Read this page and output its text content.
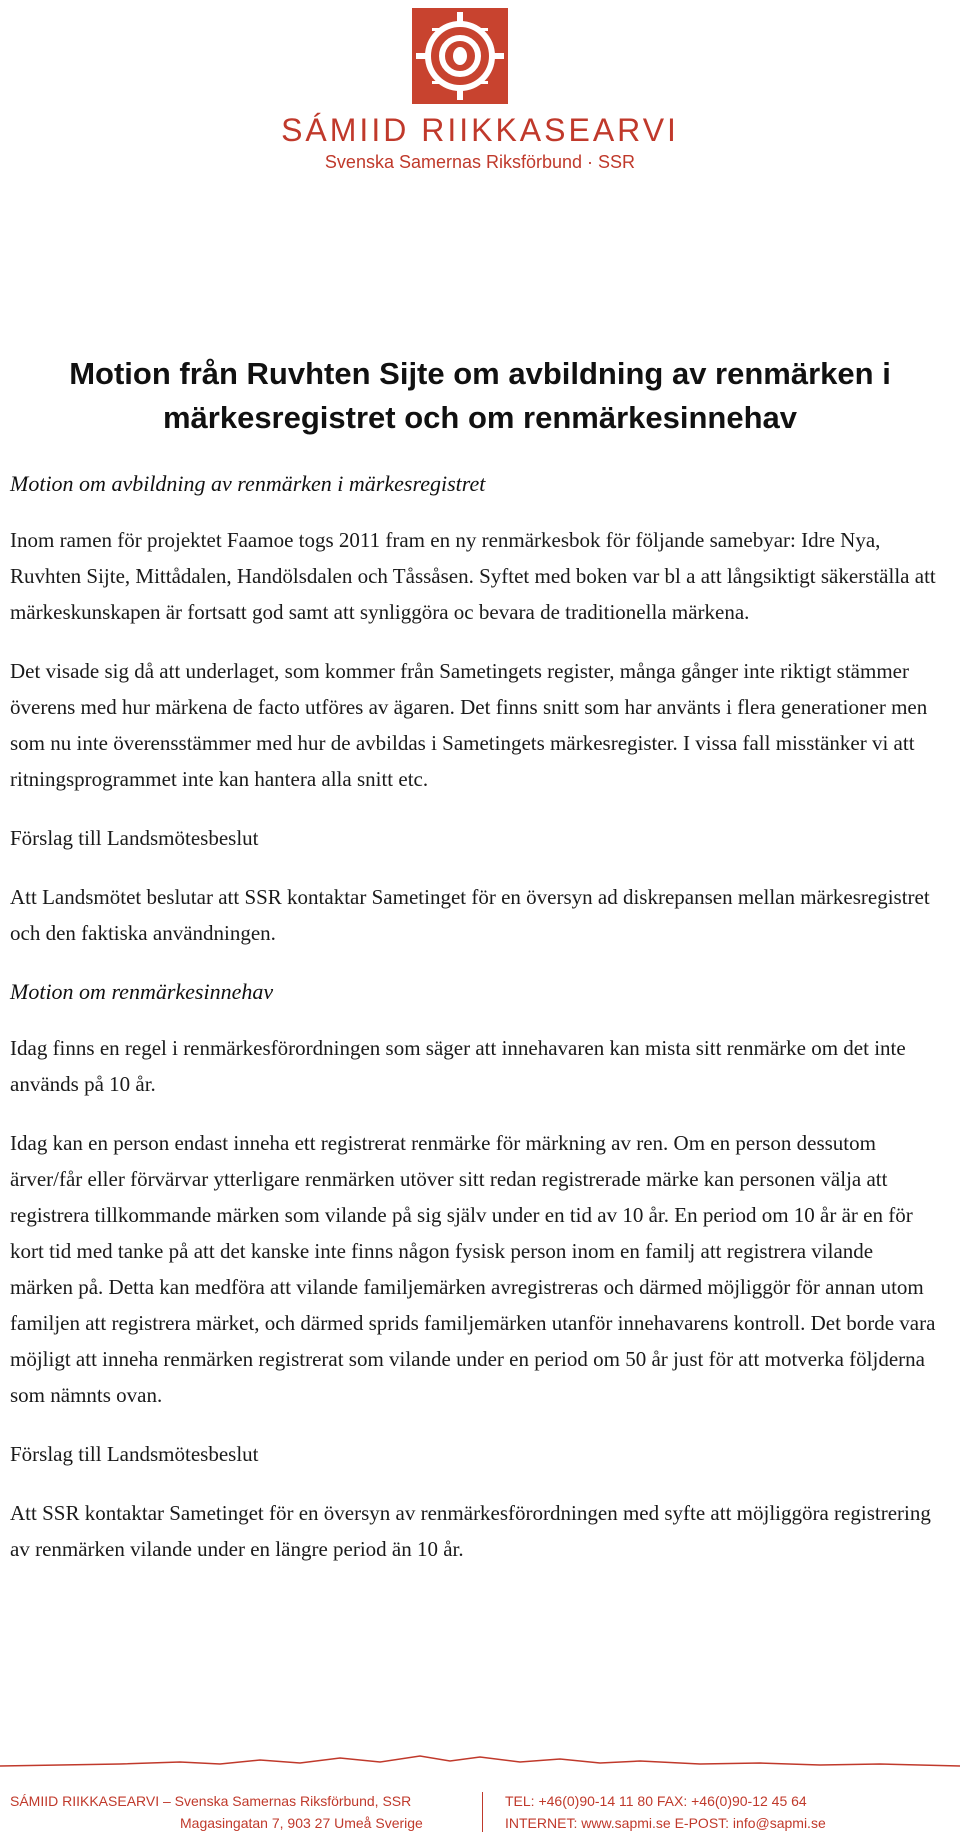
SÁMIID RIIKKASEARVI
Svenska Samernas Riksförbund · SSR
Motion från Ruvhten Sijte om avbildning av renmärken i
märkesregistret och om renmärkesinnehav

Motion om avbildning av renmärken i märkesregistret

Inom ramen för projektet Faamoe togs 2011 fram en ny renmärkesbok för följande samebyar: Idre Nya, Ruvhten Sijte, Mittådalen, Handölsdalen och Tåssåsen. Syftet med boken var bl a att långsiktigt säkerställa att märkeskunskapen är fortsatt god samt att synliggöra oc bevara de traditionella märkena.

Det visade sig då att underlaget, som kommer från Sametingets register, många gånger inte riktigt stämmer överens med hur märkena de facto utföres av ägaren. Det finns snitt som har använts i flera generationer men som nu inte överensstämmer med hur de avbildas i Sametingets märkesregister. I vissa fall misstänker vi att ritningsprogrammet inte kan hantera alla snitt etc.

Förslag till Landsmötesbeslut

Att Landsmötet beslutar att SSR kontaktar Sametinget för en översyn ad diskrepansen mellan märkesregistret och den faktiska användningen.

Motion om renmärkesinnehav

Idag finns en regel i renmärkesförordningen som säger att innehavaren kan mista sitt renmärke om det inte används på 10 år.

Idag kan en person endast inneha ett registrerat renmärke för märkning av ren. Om en person dessutom ärver/får eller förvärvar ytterligare renmärken utöver sitt redan registrerade märke kan personen välja att registrera tillkommande märken som vilande på sig själv under en tid av 10 år. En period om 10 år är en för kort tid med tanke på att det kanske inte finns någon fysisk person inom en familj att registrera vilande märken på. Detta kan medföra att vilande familjemärken avregistreras och därmed möjliggör för annan utom familjen att registrera märket, och därmed sprids familjemärken utanför innehavarens kontroll. Det borde vara möjligt att inneha renmärken registrerat som vilande under en period om 50 år just för att motverka följderna som nämnts ovan.

Förslag till Landsmötesbeslut

Att SSR kontaktar Sametinget för en översyn av renmärkesförordningen med syfte att möjliggöra registrering av renmärken vilande under en längre period än 10 år.

SÁMIID RIIKKASEARVI – Svenska Samernas Riksförbund, SSR
Magasingatan 7, 903 27 Umeå Sverige
TEL: +46(0)90-14 11 80 FAX: +46(0)90-12 45 64
INTERNET: www.sapmi.se E-POST: info@sapmi.se
